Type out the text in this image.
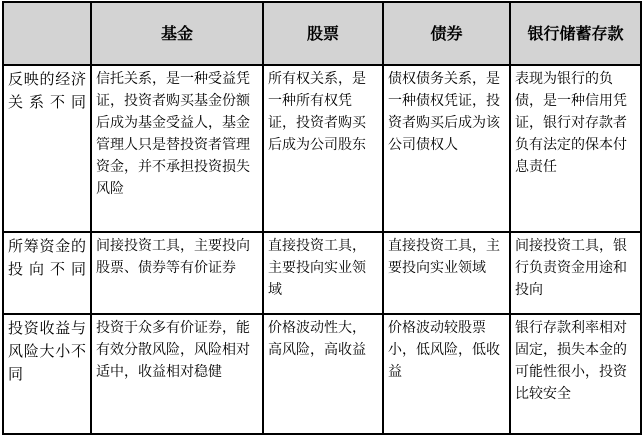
	基金	股票	债券	银行储蓄存款
反映的经济关系不同	信托关系，是一种受益凭证，投资者购买基金份额后成为基金受益人，基金管理人只是替投资者管理资金，并不承担投资损失风险	所有权关系，是一种所有权凭证，投资者购买后成为公司股东	债权债务关系，是一种债权凭证，投资者购买后成为该公司债权人	表现为银行的负债，是一种信用凭证，银行对存款者负有法定的保本付息责任
所筹资金的投向不同	间接投资工具，主要投向股票、债券等有价证券	直接投资工具，主要投向实业领域	直接投资工具，主要投向实业领域	间接投资工具，银行负责资金用途和投向
投资收益与风险大小不同	投资于众多有价证券，能有效分散风险，风险相对适中，收益相对稳健	价格波动性大，高风险，高收益	价格波动较股票小，低风险，低收益	银行存款利率相对固定，损失本金的可能性很小，投资比较安全
